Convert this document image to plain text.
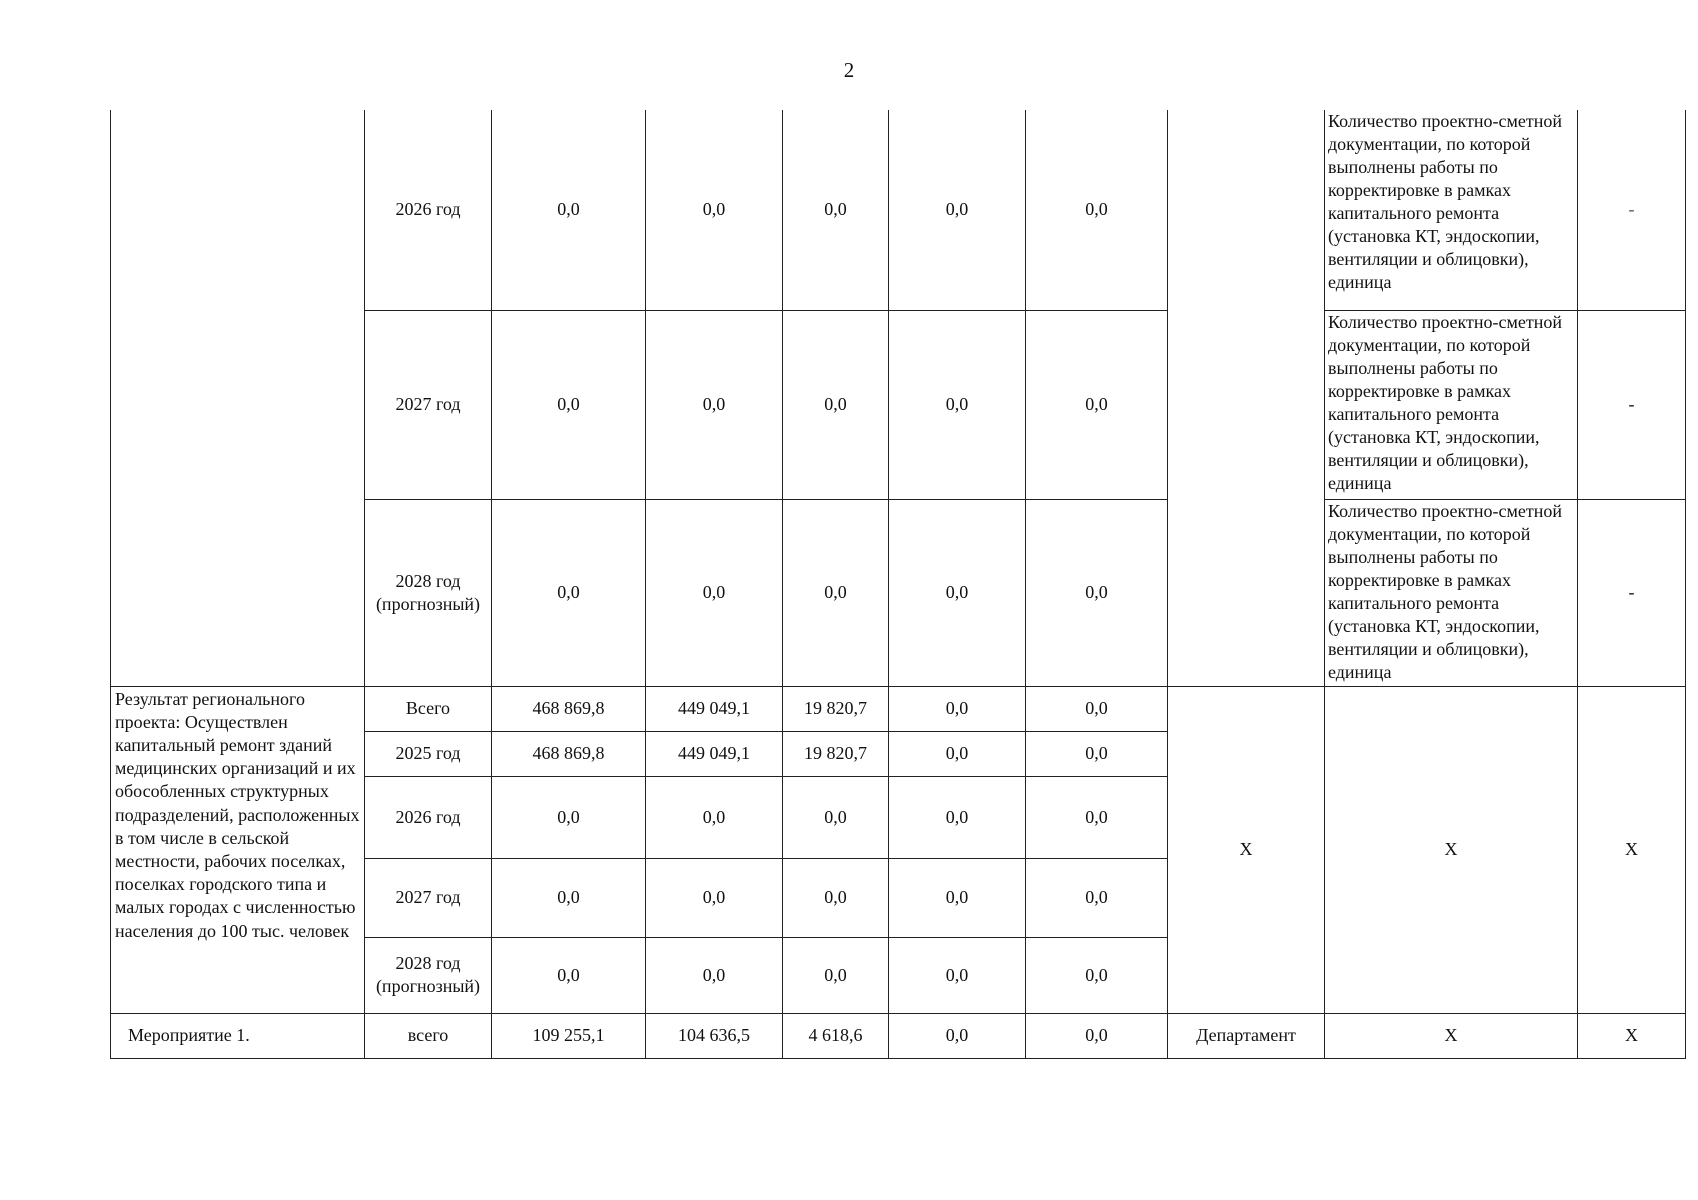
2
	2026 год	0,0	0,0	0,0	0,0	0,0		Количество проектно-сметной документации, по которой выполнены работы по корректировке в рамках капитального ремонта (установка КТ, эндоскопии, вентиляции и облицовки), единица	-
	2027 год	0,0	0,0	0,0	0,0	0,0		Количество проектно-сметной документации, по которой выполнены работы по корректировке в рамках капитального ремонта (установка КТ, эндоскопии, вентиляции и облицовки), единица	-
	2028 год (прогнозный)	0,0	0,0	0,0	0,0	0,0		Количество проектно-сметной документации, по которой выполнены работы по корректировке в рамках капитального ремонта (установка КТ, эндоскопии, вентиляции и облицовки), единица	-
Результат регионального проекта: Осуществлен капитальный ремонт зданий медицинских организаций и их обособленных структурных подразделений, расположенных в том числе в сельской местности, рабочих поселках, поселках городского типа и малых городах с численностью населения до 100 тыс. человек	Всего	468 869,8	449 049,1	19 820,7	0,0	0,0	X	X	X
	2025 год	468 869,8	449 049,1	19 820,7	0,0	0,0			
	2026 год	0,0	0,0	0,0	0,0	0,0			
	2027 год	0,0	0,0	0,0	0,0	0,0			
	2028 год (прогнозный)	0,0	0,0	0,0	0,0	0,0			
Мероприятие 1.	всего	109 255,1	104 636,5	4 618,6	0,0	0,0	Департамент	X	X
